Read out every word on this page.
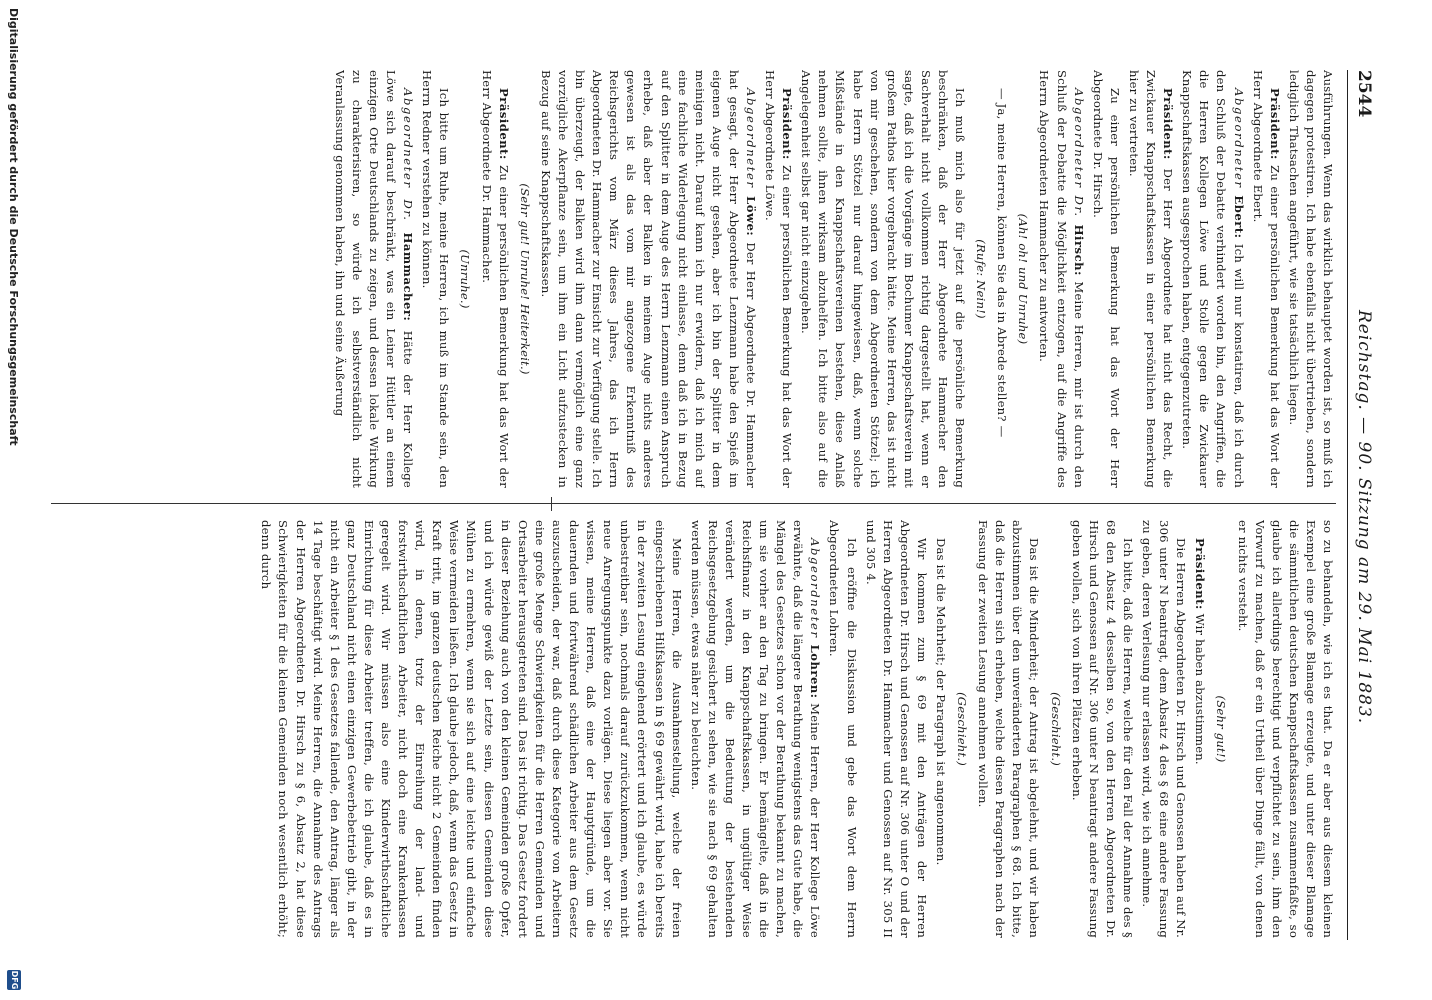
2544
Reichstag. — 90. Sitzung am 29. Mai 1883.

Ausführungen. Wenn das wirklich behauptet worden ist, so muß ich dagegen protestiren. Ich habe ebenfalls nicht übertrieben, sondern lediglich Thatsachen angeführt, wie sie tatsächlich liegen.

Präsident: Zu einer persönlichen Bemerkung hat das Wort der Herr Abgeordnete Ebert.

Abgeordneter Ebert: Ich will nur konstatiren, daß ich durch den Schluß der Debatte verhindert worden bin, den Angriffen, die die Herren Kollegen Löwe und Stolle gegen die Zwickauer Knappschaftskassen ausgesprochen haben, entgegenzutreten.

Präsident: Der Herr Abgeordnete hat nicht das Recht, die Zwickauer Knappschaftskassen in einer persönlichen Bemerkung hier zu vertreten.

Zu einer persönlichen Bemerkung hat das Wort der Herr Abgeordnete Dr. Hirsch.

Abgeordneter Dr. Hirsch: Meine Herren, mir ist durch den Schluß der Debatte die Möglichkeit entzogen, auf die Angriffe des Herrn Abgeordneten Hammacher zu antworten.

(Ah! oh! und Unruhe)

— Ja, meine Herren, können Sie das in Abrede stellen? —

(Rufe: Nein!)

Ich muß mich also für jetzt auf die persönliche Bemerkung beschränken, daß der Herr Abgeordnete Hammacher den Sachverhalt nicht vollkommen richtig dargestellt hat, wenn er sagte, daß ich die Vorgänge im Bochumer Knappschaftsverein mit großem Pathos hier vorgebracht hätte. Meine Herren, das ist nicht von mir geschehen, sondern von dem Abgeordneten Stötzel; ich habe Herrn Stötzel nur darauf hingewiesen, daß, wenn solche Mißstände in den Knappschaftsvereinen bestehen, diese Anlaß nehmen sollte, ihnen wirksam abzuhelfen. Ich bitte also auf die Angelegenheit selbst gar nicht einzugehen.

Präsident: Zu einer persönlichen Bemerkung hat das Wort der Herr Abgeordnete Löwe.

Abgeordneter Löwe: Der Herr Abgeordnete Dr. Hammacher hat gesagt, der Herr Abgeordnete Lenzmann habe den Spieß im eigenen Auge nicht gesehen, aber ich bin der Splitter in dem meinigen nicht. Darauf kann ich nur erwidern, daß ich mich auf eine fachliche Widerlegung nicht einlasse, denn daß ich in Bezug auf den Splitter in dem Auge des Herrn Lenzmann einen Anspruch erhebe, daß aber der Balken in meinem Auge nichts anderes gewesen ist als das vom mir angezogene Erkenntniß des Reichsgerichts vom März dieses Jahres, das ich Herrn Abgeordneten Dr. Hammacher zur Einsicht zur Verfügung stelle. Ich bin überzeugt, der Balken wird ihm dann vermöglich eine ganz vorzügliche Akerpflanze sein, um ihm ein Licht aufzustecken in Bezug auf seine Knappschaftskassen.

(Sehr gut! Unruhe! Heiterkeit.)

Präsident: Zu einer persönlichen Bemerkung hat das Wort der Herr Abgeordnete Dr. Hammacher.

(Unruhe.)

Ich bitte um Ruhe, meine Herren, ich muß im Stande sein, den Herrn Redner verstehen zu können.

Abgeordneter Dr. Hammacher: Hätte der Herr Kollege Löwe sich darauf beschränkt, was ein Leiner Hüttler an einem einzigen Orte Deutschlands zu zeigen, und dessen lokale Wirkung zu charakterisiren, so würde ich selbstverständlich nicht Veranlassung genommen haben, ihn und seine Äußerung

so zu behandeln, wie ich es that. Da er aber aus diesem kleinen Exempel eine große Blamage erzeugte, und unter dieser Blamage die sämmtlichen deutschen Knappschaftskassen zusammenfaßte, so glaube ich allerdings berechtigt und verpflichtet zu sein, ihm den Vorwurf zu machen, daß er ein Urtheil über Dinge fällt, von denen er nichts versteht.

(Sehr gut!)

Präsident: Wir haben abzustimmen.

Die Herren Abgeordneten Dr. Hirsch und Genossen haben auf Nr. 306 unter N beantragt, dem Absatz 4 des § 68 eine andere Fassung zu geben, deren Verlesung nur erlassen wird, wie ich annehme.

Ich bitte, daß die Herren, welche für den Fall der Annahme des § 68 den Absatz 4 desselben so, von den Herren Abgeordneten Dr. Hirsch und Genossen auf Nr. 306 unter N beantragt andere Fassung geben wollen, sich von ihren Plätzen erheben.

(Geschieht.)

Das ist die Minderheit; der Antrag ist abgelehnt, und wir haben abzustimmen über den unveränderten Paragraphen § 68. Ich bitte, daß die Herren sich erheben, welche diesen Paragraphen nach der Fassung der zweiten Lesung annehmen wollen.

(Geschieht.)

Das ist die Mehrheit; der Paragraph ist angenommen.

Wir kommen zum § 69 mit den Anträgen der Herren Abgeordneten Dr. Hirsch und Genossen auf Nr. 306 unter O und der Herren Abgeordneten Dr. Hammacher und Genossen auf Nr. 305 II und 305 4.

Ich eröffne die Diskussion und gebe das Wort dem Herrn Abgeordneten Lohren.

Abgeordneter Lohren: Meine Herren, der Herr Kollege Löwe erwähnte, daß die längere Berathung wenigstens das Gute habe, die Mängel des Gesetzes schon vor der Berathung bekannt zu machen, um sie vorher an den Tag zu bringen. Er bemängelte, daß in die Reichsfinanz in den Knappschaftskassen, in ungültiger Weise verändert werden, um die Bedeutung der bestehenden Reichsgesetzgebung gesichert zu sehen, wie sie nach § 69 gehalten werden müssen, etwas näher zu beleuchten.

Meine Herren, die Ausnahmestellung, welche der freien eingeschriebenen Hilfskassen in § 69 gewährt wird, habe ich bereits in der zweiten Lesung eingehend erörtert und ich glaube, es würde unbestreitbar sein, nochmals darauf zurückzukommen, wenn nicht neue Anregungspunkte dazu vorlägen. Diese liegen aber vor. Sie wissen, meine Herren, daß eine der Hauptgründe, um die dauernden und fortwährend schädlichen Arbeiter aus dem Gesetz auszuscheiden, der war, daß durch diese Kategorie von Arbeitern eine große Menge Schwierigkeiten für die Herren Gemeinden und Ortsarbeiter herausgetreten sind. Das ist richtig. Das Gesetz fordert in dieser Beziehung auch von den kleinen Gemeinden große Opfer, und ich würde gewiß der Letzte sein, diesen Gemeinden diese Mühen zu ermehren, wenn sie sich auf eine leichte und einfache Weise vermeiden ließen. Ich glaube jedoch, daß, wenn das Gesetz in Kraft tritt, im ganzen deutschen Reiche nicht 2 Gemeinden finden wird, in denen, trotz der Einreihung der land- und forstwirthschaftlichen Arbeiter, nicht doch eine Krankenkassen geregelt wird. Wir müssen also eine Kinderwirthschaftliche Einrichtung für diese Arbeiter treffen, die ich glaube, daß es in ganz Deutschland nicht einen einzigen Gewerbebetrieb gibt, in der nicht ein Arbeiter § 1 des Gesetzes fallende, den Antrag, länger als 14 Tage beschäftigt wird. Meine Herren, die Annahme des Antrags der Herren Abgeordneten Dr. Hirsch zu § 6, Absatz 2, hat diese Schwierigkeiten für die kleinen Gemeinden noch wesentlich erhöht; denn durch

Digitalisierung gefördert durch die Deutsche Forschungsgemeinschaft
DFG
